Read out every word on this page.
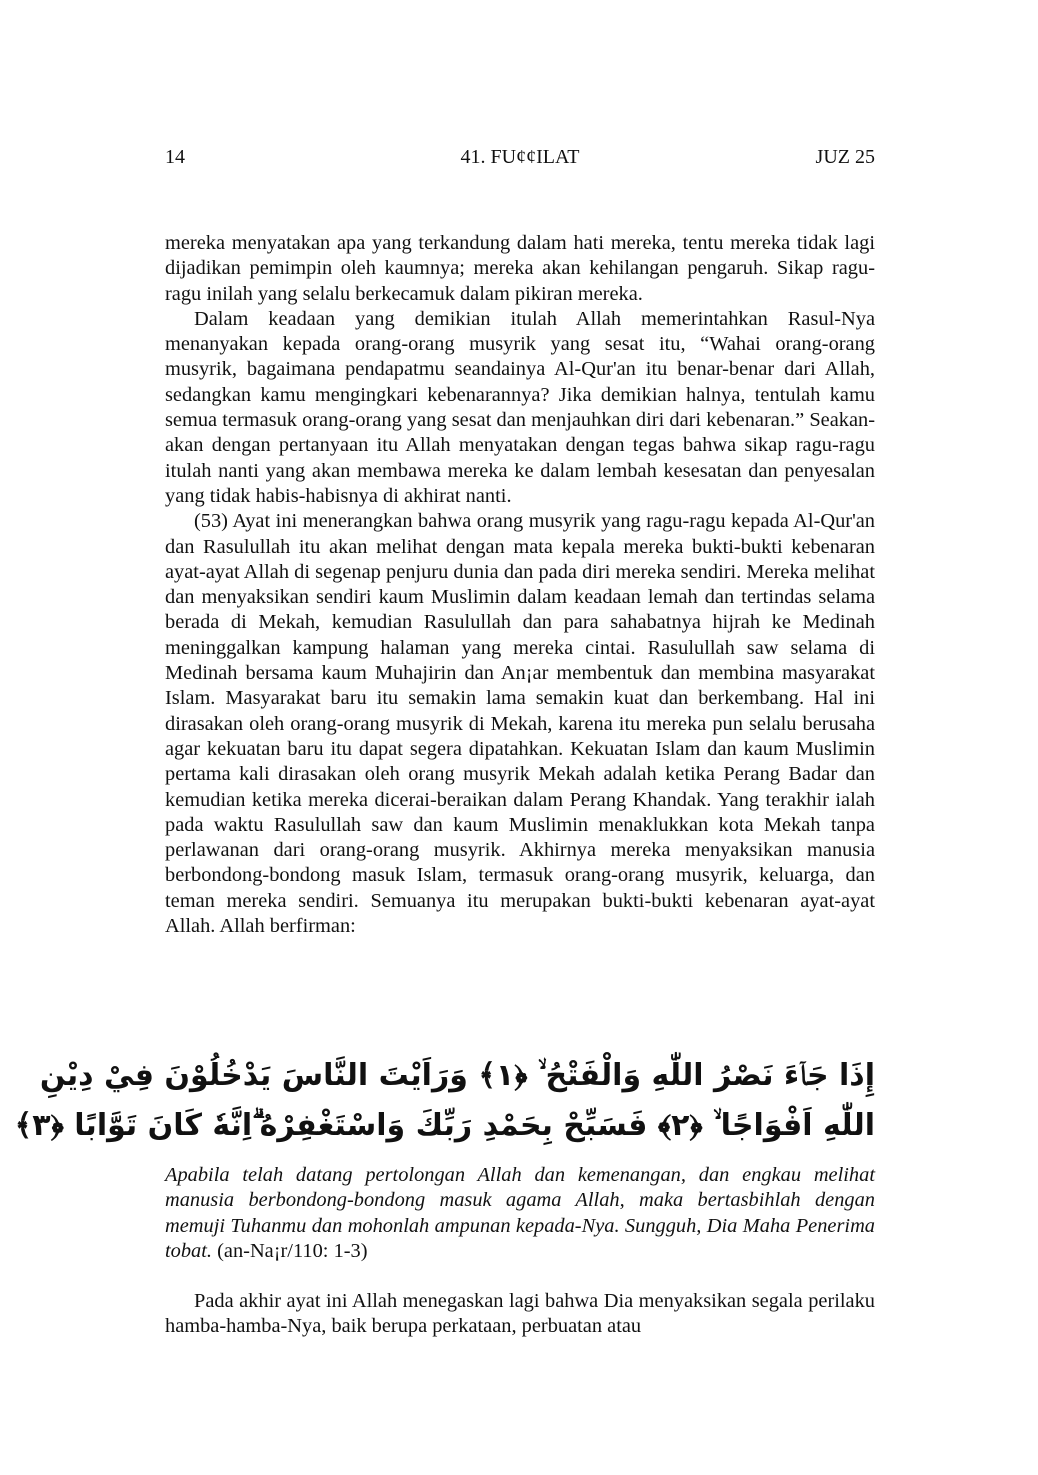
14	41. FU¢¢ILAT	JUZ 25

mereka menyatakan apa yang terkandung dalam hati mereka, tentu mereka tidak lagi dijadikan pemimpin oleh kaumnya; mereka akan kehilangan pengaruh. Sikap ragu-ragu inilah yang selalu berkecamuk dalam pikiran mereka.

Dalam keadaan yang demikian itulah Allah memerintahkan Rasul-Nya menanyakan kepada orang-orang musyrik yang sesat itu, “Wahai orang-orang musyrik, bagaimana pendapatmu seandainya Al-Qur'an itu benar-benar dari Allah, sedangkan kamu mengingkari kebenarannya? Jika demikian halnya, tentulah kamu semua termasuk orang-orang yang sesat dan menjauhkan diri dari kebenaran.” Seakan-akan dengan pertanyaan itu Allah menyatakan dengan tegas bahwa sikap ragu-ragu itulah nanti yang akan membawa mereka ke dalam lembah kesesatan dan penyesalan yang tidak habis-habisnya di akhirat nanti.

(53) Ayat ini menerangkan bahwa orang musyrik yang ragu-ragu kepada Al-Qur'an dan Rasulullah itu akan melihat dengan mata kepala mereka bukti-bukti kebenaran ayat-ayat Allah di segenap penjuru dunia dan pada diri mereka sendiri. Mereka melihat dan menyaksikan sendiri kaum Muslimin dalam keadaan lemah dan tertindas selama berada di Mekah, kemudian Rasulullah dan para sahabatnya hijrah ke Medinah meninggalkan kampung halaman yang mereka cintai. Rasulullah saw selama di Medinah bersama kaum Muhajirin dan An¡ar membentuk dan membina masyarakat Islam. Masyarakat baru itu semakin lama semakin kuat dan berkembang. Hal ini dirasakan oleh orang-orang musyrik di Mekah, karena itu mereka pun selalu berusaha agar kekuatan baru itu dapat segera dipatahkan. Kekuatan Islam dan kaum Muslimin pertama kali dirasakan oleh orang musyrik Mekah adalah ketika Perang Badar dan kemudian ketika mereka dicerai-beraikan dalam Perang Khandak. Yang terakhir ialah pada waktu Rasulullah saw dan kaum Muslimin menaklukkan kota Mekah tanpa perlawanan dari orang-orang musyrik. Akhirnya mereka menyaksikan manusia berbondong-bondong masuk Islam, termasuk orang-orang musyrik, keluarga, dan teman mereka sendiri. Semuanya itu merupakan bukti-bukti kebenaran ayat-ayat Allah. Allah berfirman:

إِذَا جَاۤءَ نَصْرُ اللّٰهِ وَالْفَتْحُ ۙ ﴿١﴾ وَرَاَيْتَ النَّاسَ يَدْخُلُوْنَ فِيْ دِيْنِ
اللّٰهِ اَفْوَاجًا ۙ ﴿٢﴾ فَسَبِّحْ بِحَمْدِ رَبِّكَ وَاسْتَغْفِرْهُ ۗاِنَّهٗ كَانَ تَوَّابًا ﴿٣﴾

Apabila telah datang pertolongan Allah dan kemenangan, dan engkau melihat manusia berbondong-bondong masuk agama Allah, maka bertasbihlah dengan memuji Tuhanmu dan mohonlah ampunan kepada-Nya. Sungguh, Dia Maha Penerima tobat. (an-Na¡r/110: 1-3)

Pada akhir ayat ini Allah menegaskan lagi bahwa Dia menyaksikan segala perilaku hamba-hamba-Nya, baik berupa perkataan, perbuatan atau
